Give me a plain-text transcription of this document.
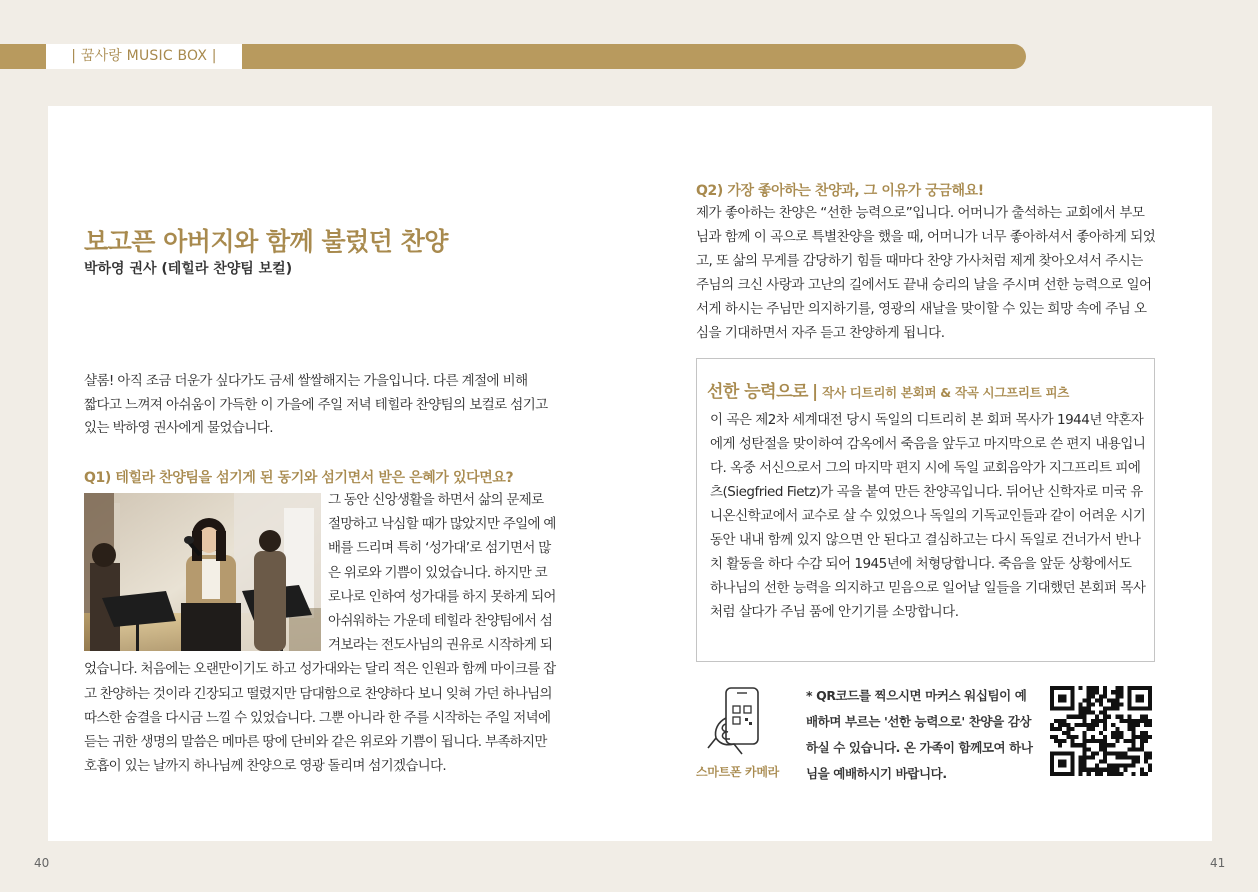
| 꿈사랑 MUSIC BOX |
보고픈 아버지와 함께 불렀던 찬양

박하영 권사 (테힐라 찬양팀 보컬)

샬롬! 아직 조금 더운가 싶다가도 금세 쌀쌀해지는 가을입니다. 다른 계절에 비해 짧다고 느껴져 아쉬움이 가득한 이 가을에 주일 저녁 테힐라 찬양팀의 보컬로 섬기고 있는 박하영 권사에게 물었습니다.

Q1) 테힐라 찬양팀을 섬기게 된 동기와 섬기면서 받은 은혜가 있다면요?

그 동안 신앙생활을 하면서 삶의 문제로 절망하고 낙심할 때가 많았지만 주일에 예배를 드리며 특히 ‘성가대’로 섬기면서 많은 위로와 기쁨이 있었습니다. 하지만 코로나로 인하여 성가대를 하지 못하게 되어 아쉬워하는 가운데 테힐라 찬양팀에서 섬겨보라는 전도사님의 권유로 시작하게 되었습니다. 처음에는 오랜만이기도 하고 성가대와는 달리 적은 인원과 함께 마이크를 잡고 찬양하는 것이라 긴장되고 떨렸지만 담대함으로 찬양하다 보니 잊혀 가던 하나님의 따스한 숨결을 다시금 느낄 수 있었습니다. 그뿐 아니라 한 주를 시작하는 주일 저녁에 듣는 귀한 생명의 말씀은 메마른 땅에 단비와 같은 위로와 기쁨이 됩니다. 부족하지만 호흡이 있는 날까지 하나님께 찬양으로 영광 돌리며 섬기겠습니다.

Q2) 가장 좋아하는 찬양과, 그 이유가 궁금해요!

제가 좋아하는 찬양은 “선한 능력으로”입니다. 어머니가 출석하는 교회에서 부모님과 함께 이 곡으로 특별찬양을 했을 때, 어머니가 너무 좋아하셔서 좋아하게 되었고, 또 삶의 무게를 감당하기 힘들 때마다 찬양 가사처럼 제게 찾아오셔서 주시는 주님의 크신 사랑과 고난의 길에서도 끝내 승리의 날을 주시며 선한 능력으로 일어서게 하시는 주님만 의지하기를, 영광의 새날을 맞이할 수 있는 희망 속에 주님 오심을 기대하면서 자주 듣고 찬양하게 됩니다.

선한 능력으로 | 작사 디트리히 본회퍼 & 작곡 시그프리트 피츠

이 곡은 제2차 세계대전 당시 독일의 디트리히 본 회퍼 목사가 1944년 약혼자에게 성탄절을 맞이하여 감옥에서 죽음을 앞두고 마지막으로 쓴 편지 내용입니다. 옥중 서신으로서 그의 마지막 편지 시에 독일 교회음악가 지그프리트 피에츠(Siegfried Fietz)가 곡을 붙여 만든 찬양곡입니다. 뒤어난 신학자로 미국 유니온신학교에서 교수로 살 수 있었으나 독일의 기독교인들과 같이 어려운 시기 동안 내내 함께 있지 않으면 안 된다고 결심하고는 다시 독일로 건너가서 반나치 활동을 하다 수감 되어 1945년에 처형당합니다. 죽음을 앞둔 상황에서도 하나님의 선한 능력을 의지하고 믿음으로 일어날 일들을 기대했던 본회퍼 목사처럼 살다가 주님 품에 안기기를 소망합니다.

스마트폰 카메라

* QR코드를 찍으시면 마커스 워십팀이 예배하며 부르는 '선한 능력으로' 찬양을 감상하실 수 있습니다. 온 가족이 함께모여 하나님을 예배하시기 바랍니다.

40	41
